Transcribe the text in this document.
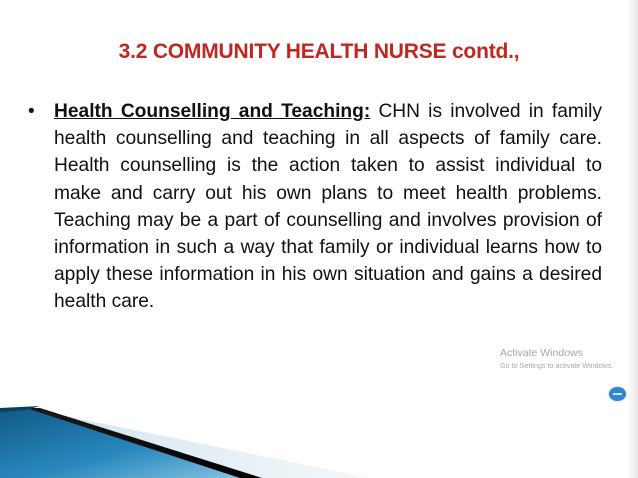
3.2 COMMUNITY HEALTH NURSE contd.,
•	Health Counselling and Teaching: CHN is involved in family health counselling and teaching in all aspects of family care. Health counselling is the action taken to assist individual to make and carry out his own plans to meet health problems. Teaching may be a part of counselling and involves provision of information in such a way that family or individual learns how to apply these information in his own situation and gains a desired health care.

Activate Windows
Go to Settings to activate Windows.
